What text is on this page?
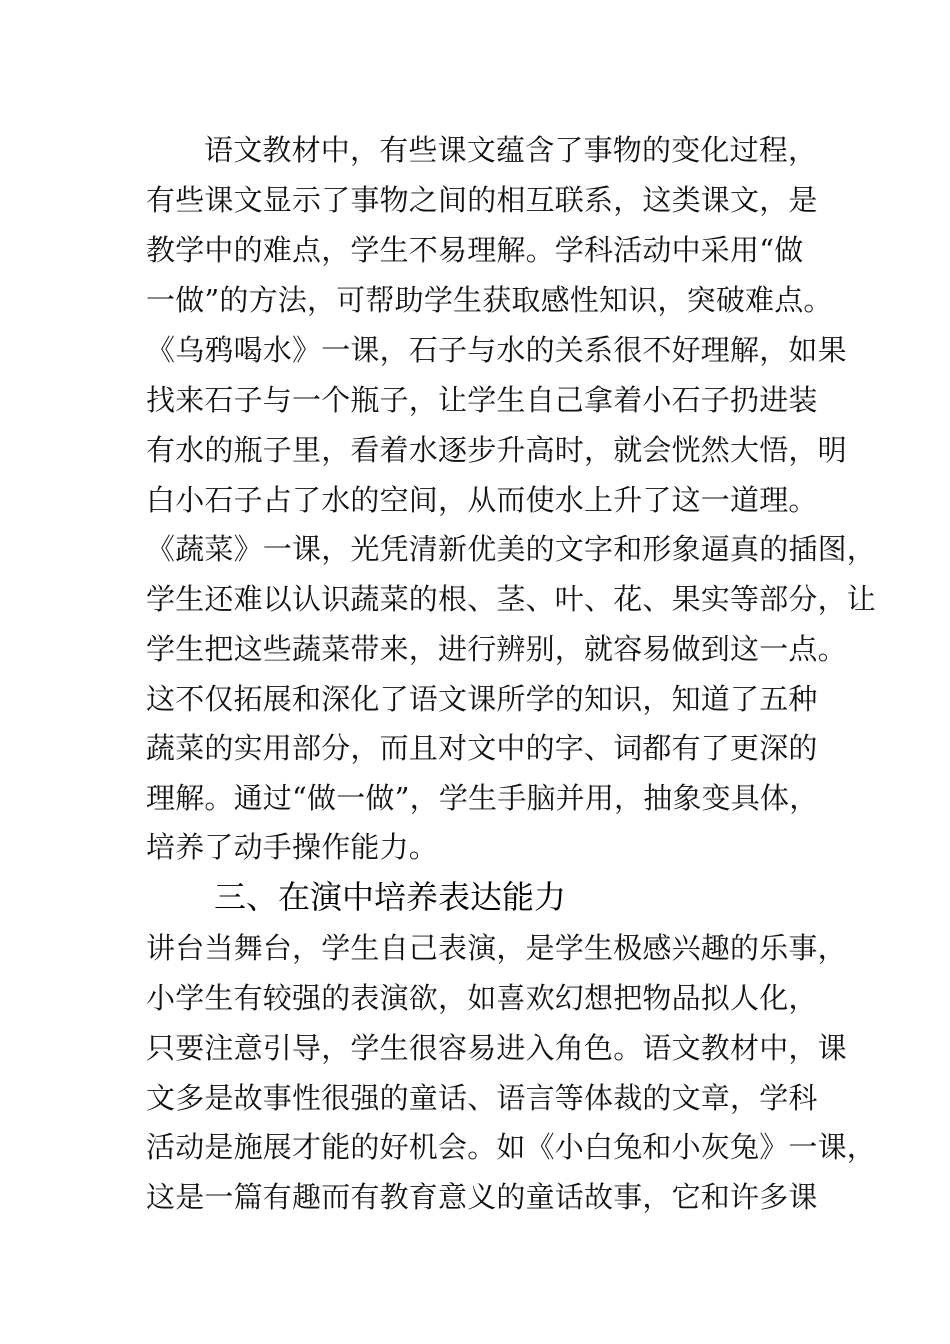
语文教材中，有些课文蕴含了事物的变化过程，
有些课文显示了事物之间的相互联系，这类课文，是
教学中的难点，学生不易理解。学科活动中采用“做
一做”的方法，可帮助学生获取感性知识，突破难点。
《乌鸦喝水》一课，石子与水的关系很不好理解，如果
找来石子与一个瓶子，让学生自己拿着小石子扔进装
有水的瓶子里，看着水逐步升高时，就会恍然大悟，明
白小石子占了水的空间，从而使水上升了这一道理。
《蔬菜》一课，光凭清新优美的文字和形象逼真的插图，
学生还难以认识蔬菜的根、茎、叶、花、果实等部分，让
学生把这些蔬菜带来，进行辨别，就容易做到这一点。
这不仅拓展和深化了语文课所学的知识，知道了五种
蔬菜的实用部分，而且对文中的字、词都有了更深的
理解。通过“做一做”，学生手脑并用，抽象变具体，
培养了动手操作能力。
三、在演中培养表达能力
讲台当舞台，学生自己表演，是学生极感兴趣的乐事，
小学生有较强的表演欲，如喜欢幻想把物品拟人化，
只要注意引导，学生很容易进入角色。语文教材中，课
文多是故事性很强的童话、语言等体裁的文章，学科
活动是施展才能的好机会。如《小白兔和小灰兔》一课，
这是一篇有趣而有教育意义的童话故事，它和许多课
